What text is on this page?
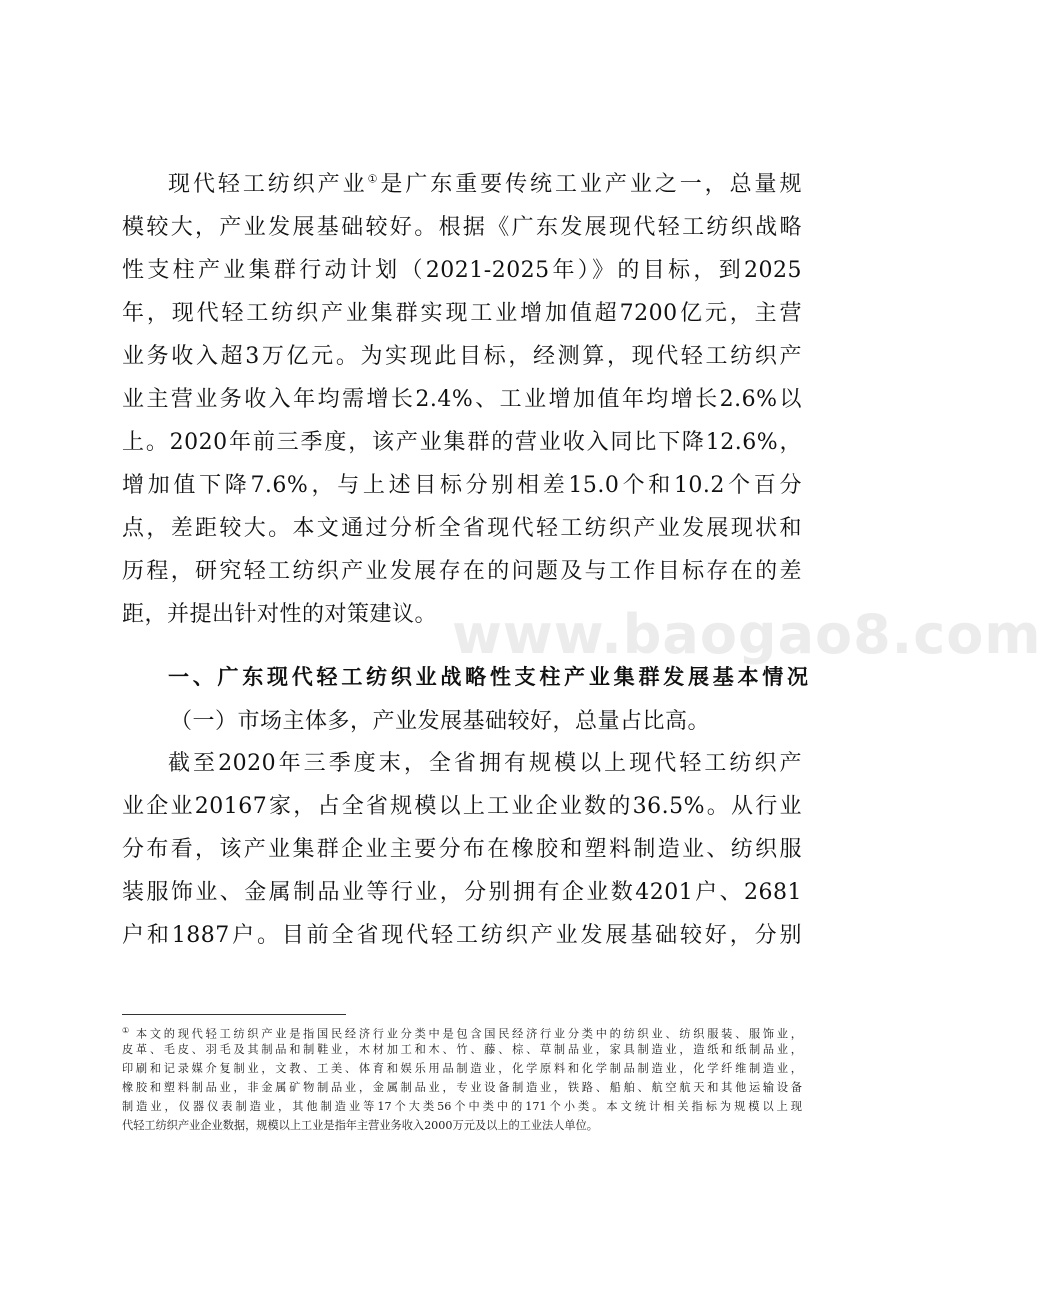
现代轻工纺织产业①是广东重要传统工业产业之一，总量规
模较大，产业发展基础较好。根据《广东发展现代轻工纺织战略
性支柱产业集群行动计划（2021-2025年）》的目标，到2025
年，现代轻工纺织产业集群实现工业增加值超7200亿元，主营
业务收入超3万亿元。为实现此目标，经测算，现代轻工纺织产
业主营业务收入年均需增长2.4%、工业增加值年均增长2.6%以
上。2020年前三季度，该产业集群的营业收入同比下降12.6%，
增加值下降7.6%，与上述目标分别相差15.0个和10.2个百分
点，差距较大。本文通过分析全省现代轻工纺织产业发展现状和
历程，研究轻工纺织产业发展存在的问题及与工作目标存在的差
距，并提出针对性的对策建议。 www.baogao8.com
一、广东现代轻工纺织业战略性支柱产业集群发展基本情况
（一）市场主体多，产业发展基础较好，总量占比高。
截至2020年三季度末，全省拥有规模以上现代轻工纺织产
业企业20167家，占全省规模以上工业企业数的36.5%。从行业
分布看，该产业集群企业主要分布在橡胶和塑料制造业、纺织服
装服饰业、金属制品业等行业，分别拥有企业数4201户、2681
户和1887户。目前全省现代轻工纺织产业发展基础较好，分别
① 本文的现代轻工纺织产业是指国民经济行业分类中是包含国民经济行业分类中的纺织业、纺织服装、服饰业，
皮革、毛皮、羽毛及其制品和制鞋业，木材加工和木、竹、藤、棕、草制品业，家具制造业，造纸和纸制品业，
印刷和记录媒介复制业，文教、工美、体育和娱乐用品制造业，化学原料和化学制品制造业，化学纤维制造业，
橡胶和塑料制品业，非金属矿物制品业，金属制品业，专业设备制造业，铁路、船舶、航空航天和其他运输设备
制造业，仪器仪表制造业，其他制造业等17个大类56个中类中的171个小类。本文统计相关指标为规模以上现
代轻工纺织产业企业数据，规模以上工业是指年主营业务收入2000万元及以上的工业法人单位。
